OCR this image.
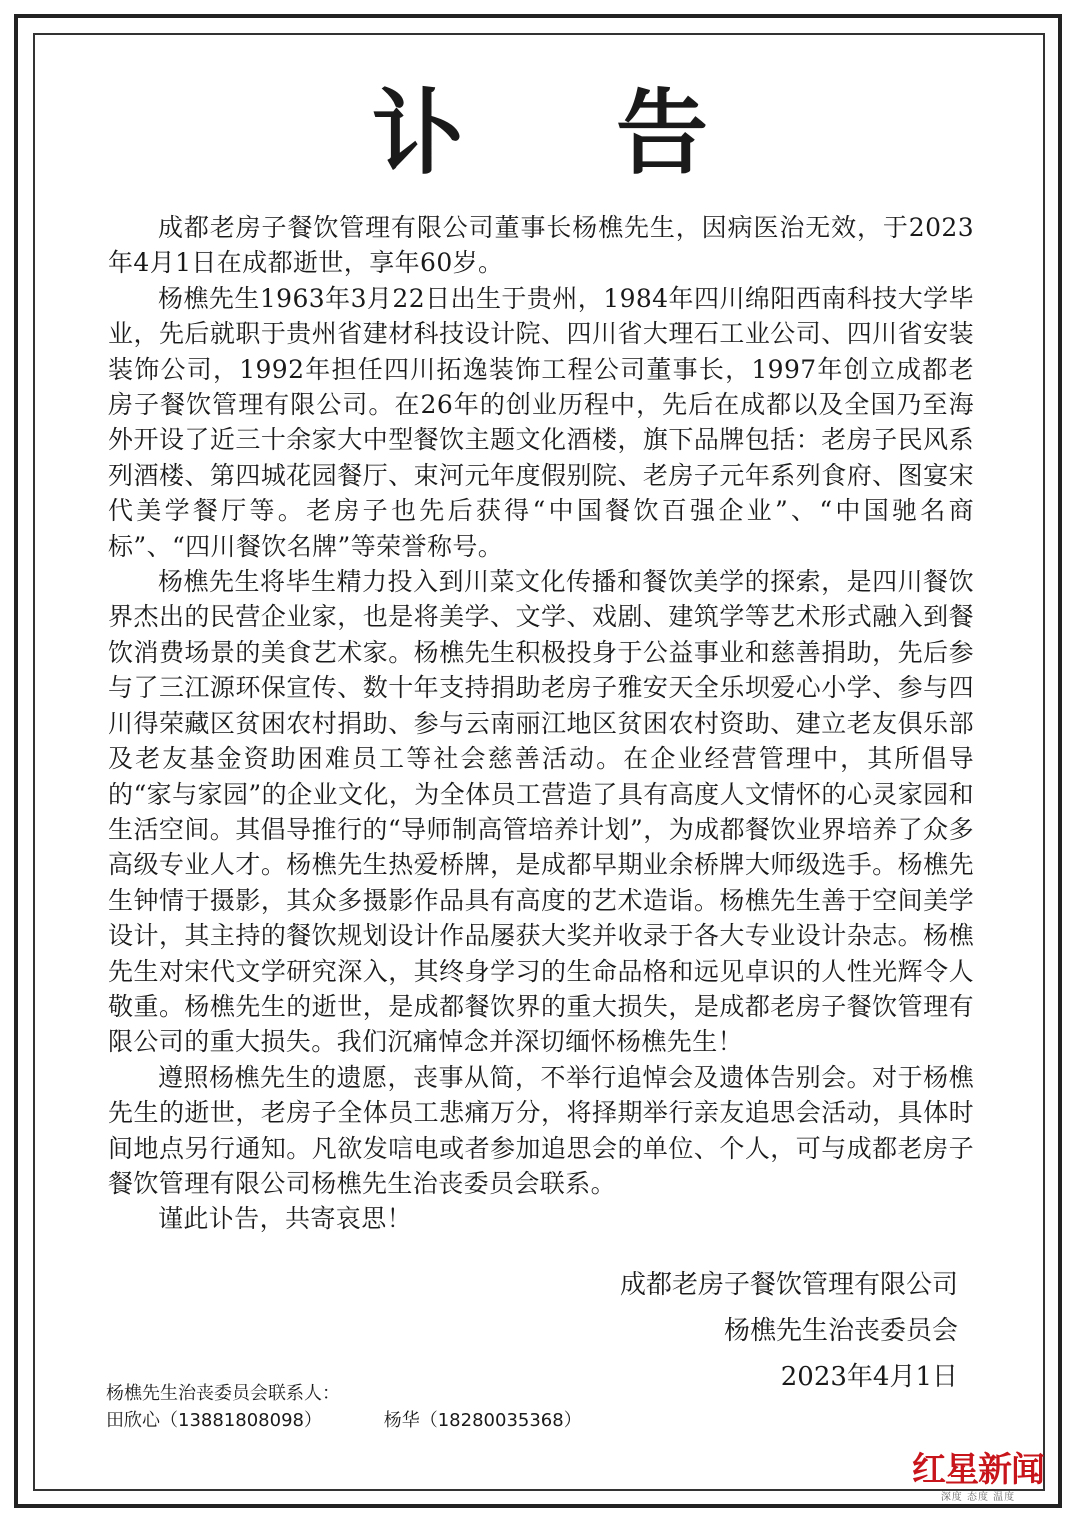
讣 告

成都老房子餐饮管理有限公司董事长杨樵先生，因病医治无效，于2023年4月1日在成都逝世，享年60岁。

杨樵先生1963年3月22日出生于贵州，1984年四川绵阳西南科技大学毕业，先后就职于贵州省建材科技设计院、四川省大理石工业公司、四川省安装装饰公司，1992年担任四川拓逸装饰工程公司董事长，1997年创立成都老房子餐饮管理有限公司。在26年的创业历程中，先后在成都以及全国乃至海外开设了近三十余家大中型餐饮主题文化酒楼，旗下品牌包括：老房子民风系列酒楼、第四城花园餐厅、束河元年度假别院、老房子元年系列食府、图宴宋代美学餐厅等。老房子也先后获得“中国餐饮百强企业”、“中国驰名商标”、“四川餐饮名牌”等荣誉称号。

杨樵先生将毕生精力投入到川菜文化传播和餐饮美学的探索，是四川餐饮界杰出的民营企业家，也是将美学、文学、戏剧、建筑学等艺术形式融入到餐饮消费场景的美食艺术家。杨樵先生积极投身于公益事业和慈善捐助，先后参与了三江源环保宣传、数十年支持捐助老房子雅安天全乐坝爱心小学、参与四川得荣藏区贫困农村捐助、参与云南丽江地区贫困农村资助、建立老友俱乐部及老友基金资助困难员工等社会慈善活动。在企业经营管理中，其所倡导的“家与家园”的企业文化，为全体员工营造了具有高度人文情怀的心灵家园和生活空间。其倡导推行的“导师制高管培养计划”，为成都餐饮业界培养了众多高级专业人才。杨樵先生热爱桥牌，是成都早期业余桥牌大师级选手。杨樵先生钟情于摄影，其众多摄影作品具有高度的艺术造诣。杨樵先生善于空间美学设计，其主持的餐饮规划设计作品屡获大奖并收录于各大专业设计杂志。杨樵先生对宋代文学研究深入，其终身学习的生命品格和远见卓识的人性光辉令人敬重。杨樵先生的逝世，是成都餐饮界的重大损失，是成都老房子餐饮管理有限公司的重大损失。我们沉痛悼念并深切缅怀杨樵先生！

遵照杨樵先生的遗愿，丧事从简，不举行追悼会及遗体告别会。对于杨樵先生的逝世，老房子全体员工悲痛万分，将择期举行亲友追思会活动，具体时间地点另行通知。凡欲发唁电或者参加追思会的单位、个人，可与成都老房子餐饮管理有限公司杨樵先生治丧委员会联系。

谨此讣告，共寄哀思！

成都老房子餐饮管理有限公司
杨樵先生治丧委员会
2023年4月1日
杨樵先生治丧委员会联系人：
田欣心（13881808098）	杨华（18280035368）
红星新闻
深度 态度 温度
